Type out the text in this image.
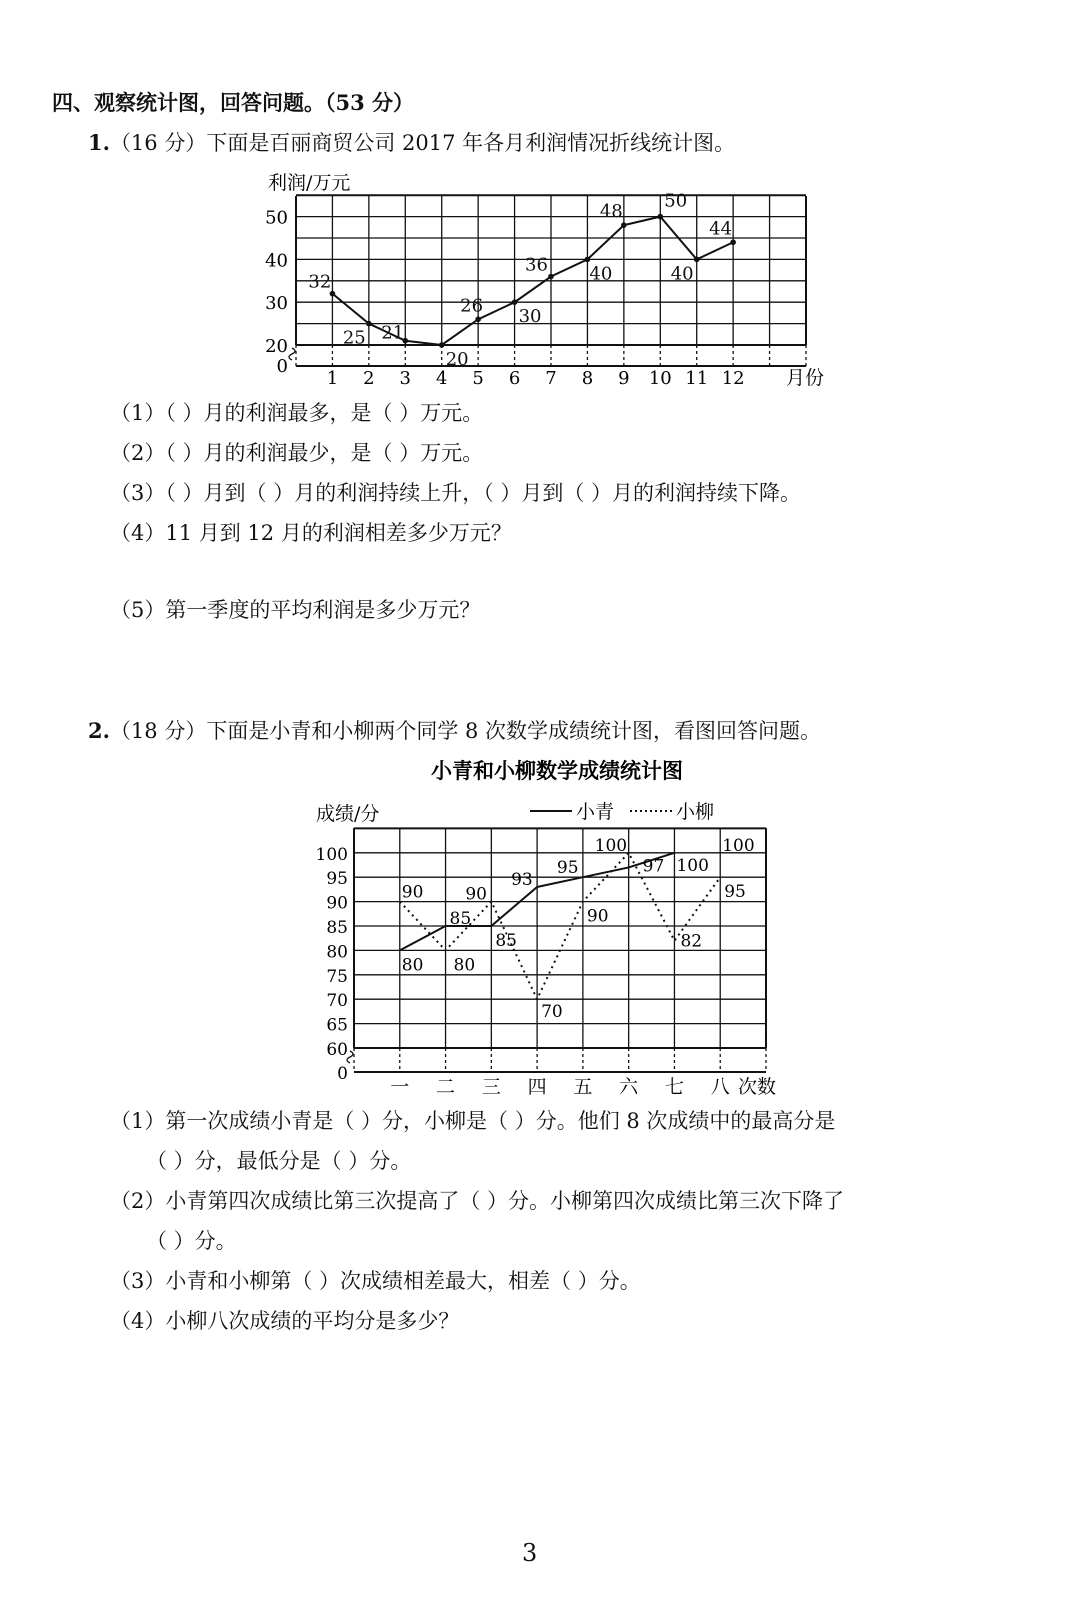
四、观察统计图，回答问题。（53 分）
1.（16 分）下面是百丽商贸公司 2017 年各月利润情况折线统计图。
0
20
30
40
50
利润/万元
1 2 3 4 5 6 7 8 9 10 11 12 月份
32
25 21
20
26
30
36 40
48
50
40
44
小青和小柳数学成绩统计图
0
60
65
70
75
80
85
90
95
100
成绩/分
一 二 三 四 五 六 七 八 次数
小青	小柳
80
85
85
93
95	97 100
100
90
80
90
70
90
100
82
95
（1）（ ）月的利润最多，是（ ）万元。
（2）（ ）月的利润最少，是（ ）万元。
（3）（ ）月到（ ）月的利润持续上升，（ ）月到（ ）月的利润持续下降。
（4）11 月到 12 月的利润相差多少万元？
（5）第一季度的平均利润是多少万元？
2.（18 分）下面是小青和小柳两个同学 8 次数学成绩统计图，看图回答问题。
（1）第一次成绩小青是（ ）分，小柳是（ ）分。他们 8 次成绩中的最高分是
（ ）分，最低分是（ ）分。
（2）小青第四次成绩比第三次提高了（ ）分。小柳第四次成绩比第三次下降了
（ ）分。
（3）小青和小柳第（ ）次成绩相差最大，相差（ ）分。
（4）小柳八次成绩的平均分是多少？
3
